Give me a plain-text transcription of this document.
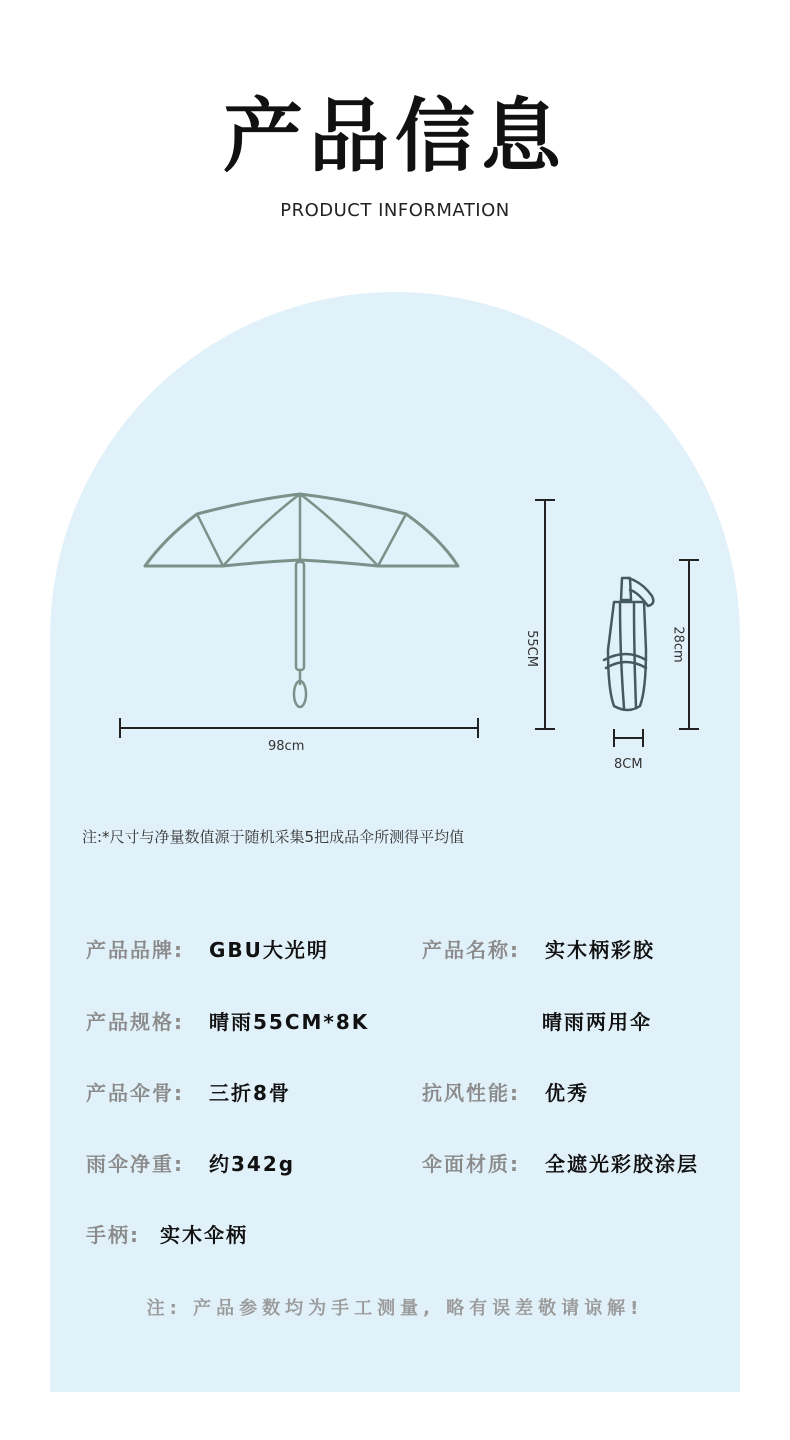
产品信息
PRODUCT INFORMATION
98cm
55CM	28cm
8CM
注:*尺寸与净量数值源于随机采集5把成品伞所测得平均值
产品品牌: GBU大光明	产品名称: 实木柄彩胶
产品规格: 晴雨55CM*8K	晴雨两用伞
产品伞骨: 三折8骨	抗风性能: 优秀
雨伞净重: 约342g	伞面材质: 全遮光彩胶涂层
手柄: 实木伞柄
注: 产品参数均为手工测量, 略有误差敬请谅解!
